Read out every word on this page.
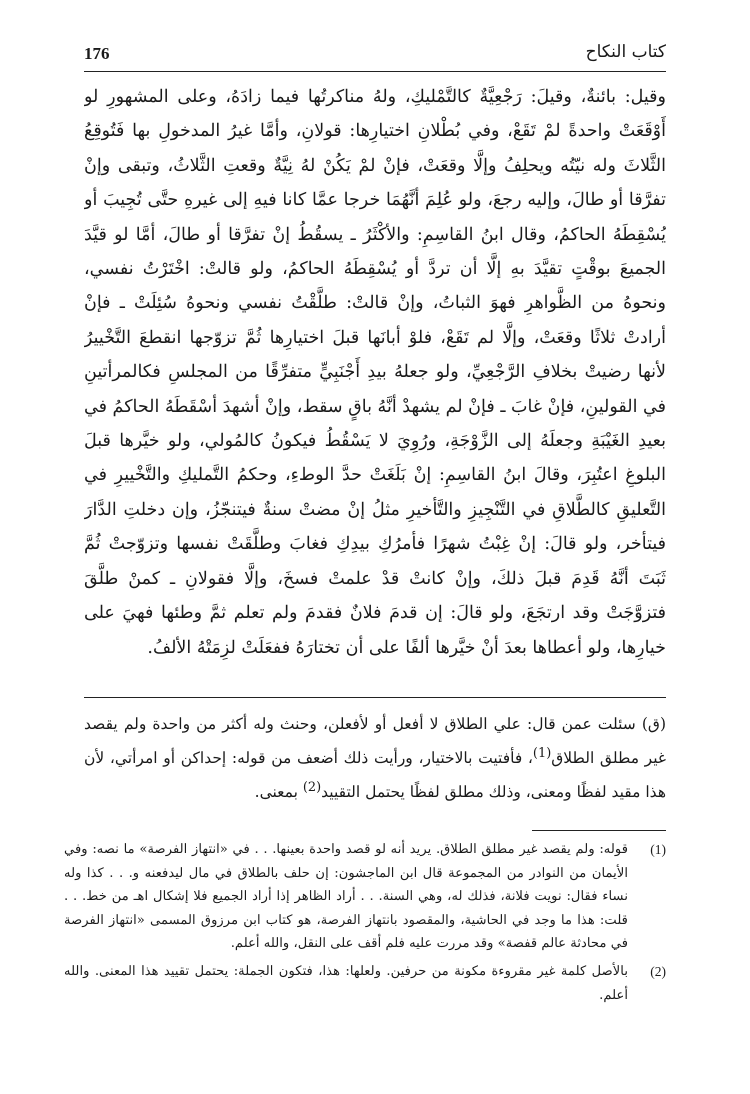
176	كتاب النكاح
وقيل: بائنةٌ، وقيلَ: رَجْعِيَّةٌ كالتَّمْليكِ، ولهُ مناكرتُها فيما زادَهُ، وعلى المشهورِ لو أَوْقَعَتْ واحدةً لمْ تَقَعْ، وفي بُطْلانِ اختيارِها: قولانِ، وأمَّا غيرُ المدخولِ بها فَتُوقِعُ الثَّلاثَ وله نيّتُه ويحلِفُ وإلَّا وقعَتْ، فإنْ لمْ يَكُنْ لهُ نِيَّةٌ وقعتِ الثَّلاثُ، وتبقى وإنْ تفرَّقا أو طالَ، وإليه رجعَ، ولو عُلِمَ أنَّهُمَا خرجا عمَّا كانا فيهِ إلى غيرهِ حتَّى تُجِيبَ أو يُسْقِطَهُ الحاكمُ، وقال ابنُ القاسِمِ: والأكْثَرُ ـ يسقُطُ إنْ تفرَّقا أو طالَ، أمَّا لو قيَّدَ الجميعَ بوقْتٍ تقيَّدَ بهِ إلَّا أن تردَّ أو يُسْقِطَهُ الحاكمُ، ولو قالتْ: اخْتَرْتُ نفسي، ونحوهُ من الظَّواهرِ فهوَ الثباتُ، وإنْ قالتْ: طلَّقْتُ نفسي ونحوهُ سُئِلَتْ ـ فإنْ أرادتْ ثلاثًا وقعَتْ، وإلَّا لم تَقَعْ، فلوْ أبانَها قبلَ اختيارِها ثُمَّ تزوّجها انقطعَ التَّخْييرُ لأنها رضيتْ بخلافِ الرَّجْعِيِّ، ولو جعلهُ بيدِ أَجْنَبِيٍّ متفرِّقًا من المجلسِ فكالمرأتينِ في القولينِ، فإنْ غابَ ـ فإنْ لم يشهدْ أنَّهُ باقٍ سقط، وإنْ أشهدَ أسْقَطَهُ الحاكمُ في بعيدِ الغَيْبَةِ وجعلَهُ إلى الزَّوْجَةِ، ورُوِيَ لا يَسْقُطُ فيكونُ كالمُولي، ولو خيَّرها قبلَ البلوغِ اعتُبِرَ، وقالَ ابنُ القاسِمِ: إنْ بَلَغَتْ حدَّ الوطءِ، وحكمُ التَّمليكِ والتَّخْييرِ في التَّعليقِ كالطَّلاقِ في التَّنْجِيزِ والتَّأخيرِ مثلُ إنْ مضتْ سنةٌ فيتنجّزُ، وإن دخلتِ الدَّارَ فيتأخر، ولو قالَ: إنْ غِبْتُ شهرًا فأمرُكِ بيدِكِ فغابَ وطلَّقَتْ نفسها وتزوّجتْ ثُمَّ ثَبَتَ أنَّهُ قَدِمَ قبلَ ذلكَ، وإنْ كانتْ قدْ علمتْ فسخَ، وإلَّا فقولانِ ـ كمنْ طلَّقَ فتزوَّجَتْ وقد ارتجَعَ، ولو قالَ: إن قدمَ فلانٌ فقدمَ ولم تعلم ثمَّ وطئها فهيَ على خيارِها، ولو أعطاها بعدَ أنْ خيَّرها ألفًا على أن تختارَهُ ففعَلَتْ لزِمَتْهُ الألفُ.
(ق) سئلت عمن قال: علي الطلاق لا أفعل أو لأفعلن، وحنث وله أكثر من واحدة ولم يقصد غير مطلق الطلاق$^{(1)}$، فأفتيت بالاختيار، ورأيت ذلك أضعف من قوله: إحداكن أو امرأتي، لأن هذا مقيد لفظًا ومعنى، وذلك مطلق لفظًا يحتمل التقييد$^{(2)}$ بمعنى.
(1)
قوله: ولم يقصد غير مطلق الطلاق. يريد أنه لو قصد واحدة بعينها. . . في «انتهاز الفرصة» ما نصه: وفي الأيمان من النوادر من المجموعة قال ابن الماجشون: إن حلف بالطلاق في مال ليدفعنه و. . . كذا وله نساء فقال: نويت فلانة، فذلك له، وهي السنة. . . أراد الظاهر إذا أراد الجميع فلا إشكال اهـ من خط. . . قلت: هذا ما وجد في الحاشية، والمقصود بانتهاز الفرصة، هو كتاب ابن مرزوق المسمى «انتهاز الفرصة في محادثة عالم قفصة» وقد مررت عليه فلم أقف على النقل، والله أعلم.
(2)
بالأصل كلمة غير مقروءة مكونة من حرفين. ولعلها: هذا، فتكون الجملة: يحتمل تقييد هذا المعنى. والله أعلم.
